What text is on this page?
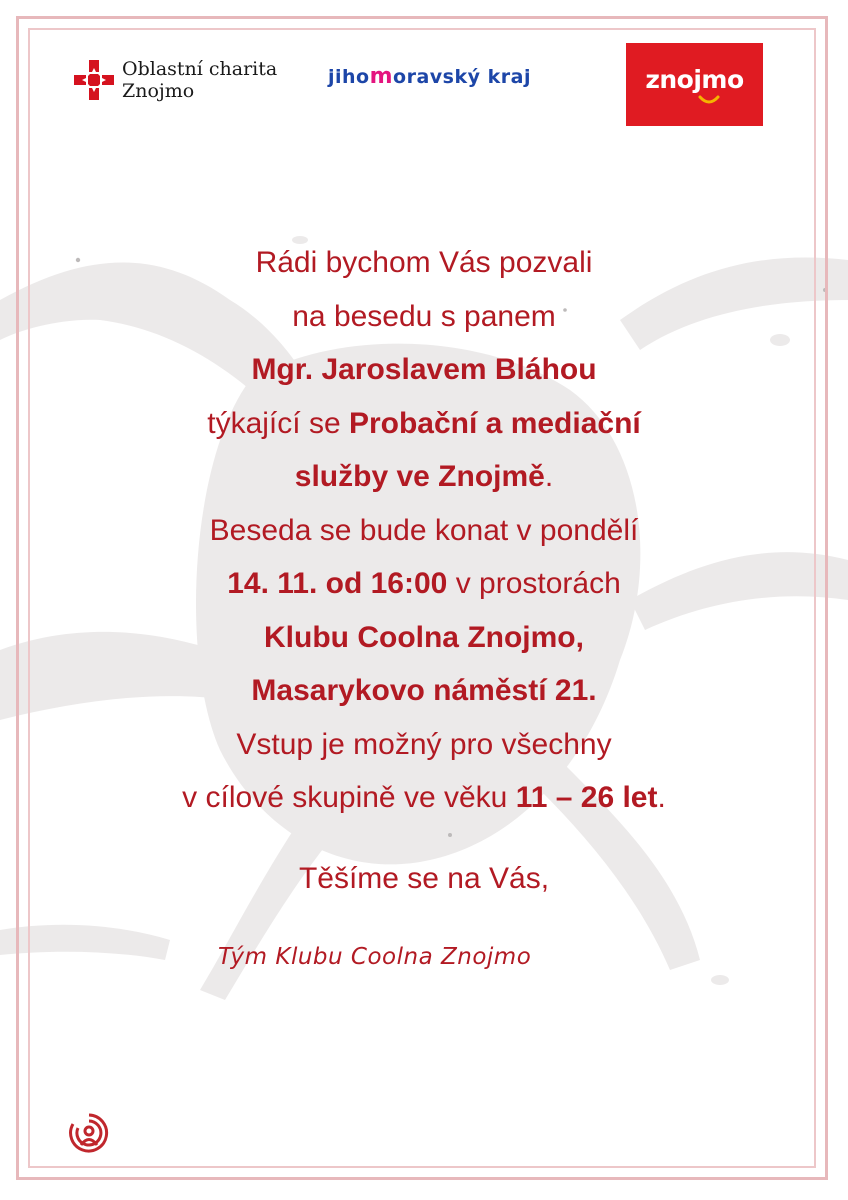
Oblastní charita
Znojmo
jihomoravský kraj	znojmo
Rádi bychom Vás pozvali
na besedu s panem
Mgr. Jaroslavem Bláhou
týkající se Probační a mediační
služby ve Znojmě.
Beseda se bude konat v pondělí
14. 11. od 16:00 v prostorách
Klubu Coolna Znojmo,
Masarykovo náměstí 21.
Vstup je možný pro všechny
v cílové skupině ve věku 11 – 26 let.
Těšíme se na Vás,
Tým Klubu Coolna Znojmo
